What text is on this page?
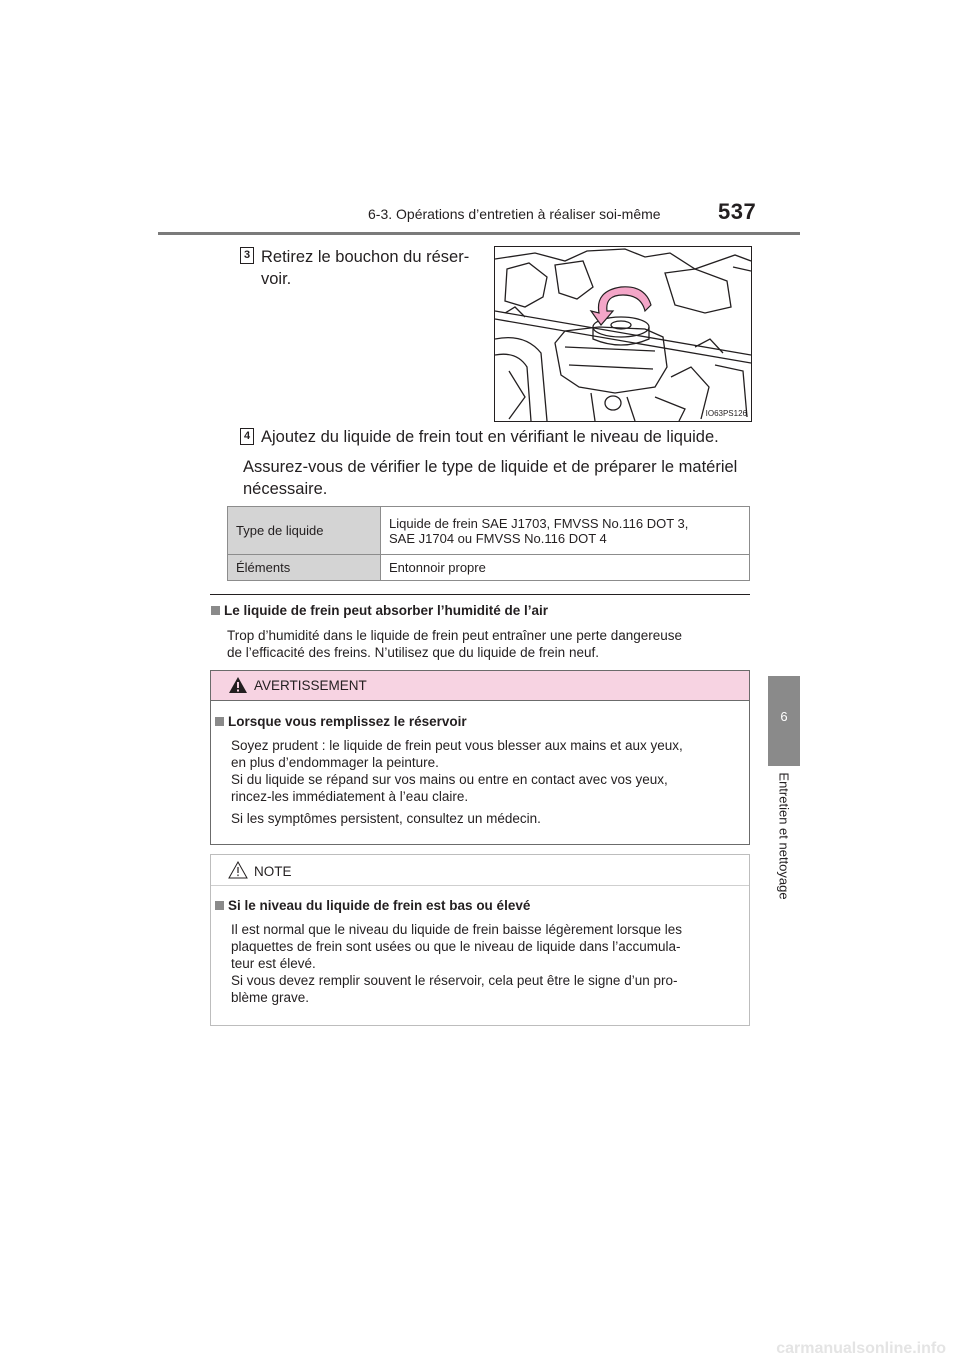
6-3. Opérations d’entretien à réaliser soi-même	537
6
Entretien et nettoyage
3 Retirez le bouchon du réser-
voir.
IO63PS126
4 Ajoutez du liquide de frein tout en vérifiant le niveau de liquide.
Assurez-vous de vérifier le type de liquide et de préparer le matériel
nécessaire.
Type de liquide	Liquide de frein SAE J1703, FMVSS No.116 DOT 3,
SAE J1704 ou FMVSS No.116 DOT 4

Éléments	Entonnoir propre
Le liquide de frein peut absorber l’humidité de l’air
Trop d’humidité dans le liquide de frein peut entraîner une perte dangereuse
de l’efficacité des freins. N’utilisez que du liquide de frein neuf.
AVERTISSEMENT
Lorsque vous remplissez le réservoir
Soyez prudent : le liquide de frein peut vous blesser aux mains et aux yeux,
en plus d’endommager la peinture.
Si du liquide se répand sur vos mains ou entre en contact avec vos yeux,
rincez-les immédiatement à l’eau claire.
Si les symptômes persistent, consultez un médecin.
NOTE
Si le niveau du liquide de frein est bas ou élevé
Il est normal que le niveau du liquide de frein baisse légèrement lorsque les
plaquettes de frein sont usées ou que le niveau de liquide dans l’accumula-
teur est élevé.
Si vous devez remplir souvent le réservoir, cela peut être le signe d’un pro-
blème grave.
carmanualsonline.info
